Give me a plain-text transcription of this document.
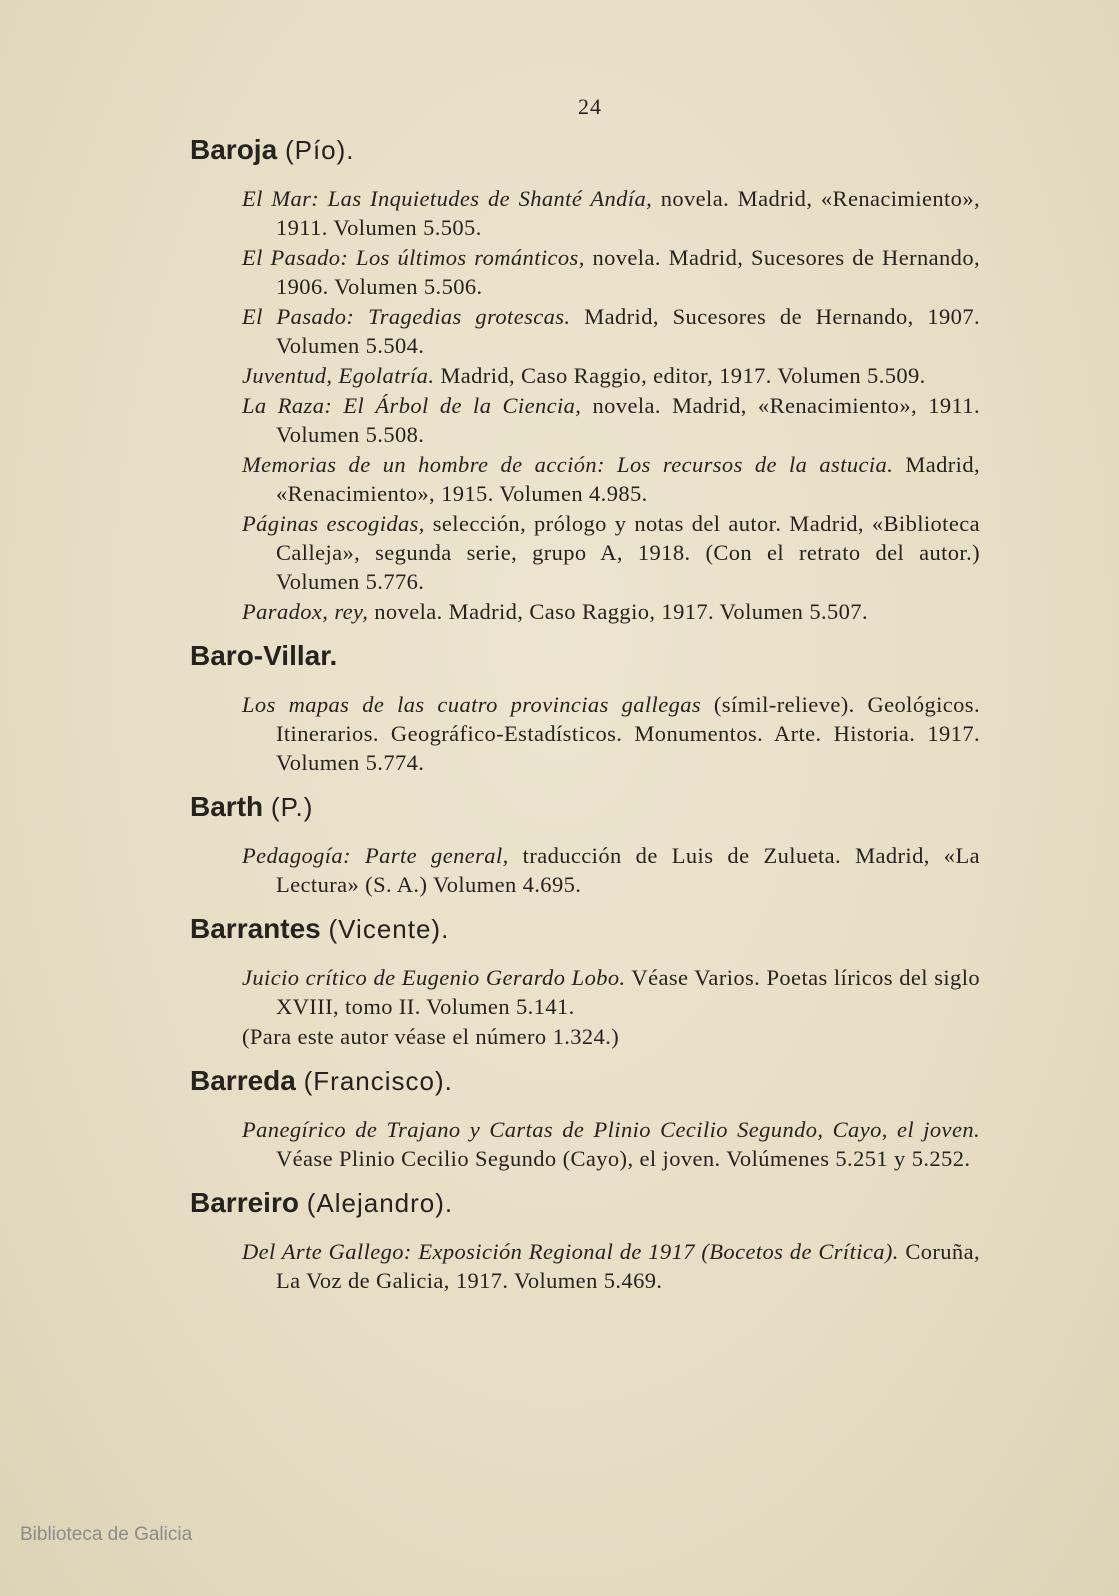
24

Baroja (Pío).

El Mar: Las Inquietudes de Shanté Andía, novela. Madrid, «Renacimiento», 1911. Volumen 5.505.

El Pasado: Los últimos románticos, novela. Madrid, Sucesores de Hernando, 1906. Volumen 5.506.

El Pasado: Tragedias grotescas. Madrid, Sucesores de Hernando, 1907. Volumen 5.504.

Juventud, Egolatría. Madrid, Caso Raggio, editor, 1917. Volumen 5.509.

La Raza: El Árbol de la Ciencia, novela. Madrid, «Renacimiento», 1911. Volumen 5.508.

Memorias de un hombre de acción: Los recursos de la astucia. Madrid, «Renacimiento», 1915. Volumen 4.985.

Páginas escogidas, selección, prólogo y notas del autor. Madrid, «Biblioteca Calleja», segunda serie, grupo A, 1918. (Con el retrato del autor.) Volumen 5.776.

Paradox, rey, novela. Madrid, Caso Raggio, 1917. Volumen 5.507.

Baro-Villar.

Los mapas de las cuatro provincias gallegas (símil-relieve). Geológicos. Itinerarios. Geográfico-Estadísticos. Monumentos. Arte. Historia. 1917. Volumen 5.774.

Barth (P.)

Pedagogía: Parte general, traducción de Luis de Zulueta. Madrid, «La Lectura» (S. A.) Volumen 4.695.

Barrantes (Vicente).

Juicio crítico de Eugenio Gerardo Lobo. Véase Varios. Poetas líricos del siglo XVIII, tomo II. Volumen 5.141.

(Para este autor véase el número 1.324.)

Barreda (Francisco).

Panegírico de Trajano y Cartas de Plinio Cecilio Segundo, Cayo, el joven. Véase Plinio Cecilio Segundo (Cayo), el joven. Volúmenes 5.251 y 5.252.

Barreiro (Alejandro).

Del Arte Gallego: Exposición Regional de 1917 (Bocetos de Crítica). Coruña, La Voz de Galicia, 1917. Volumen 5.469.

Biblioteca de Galicia
